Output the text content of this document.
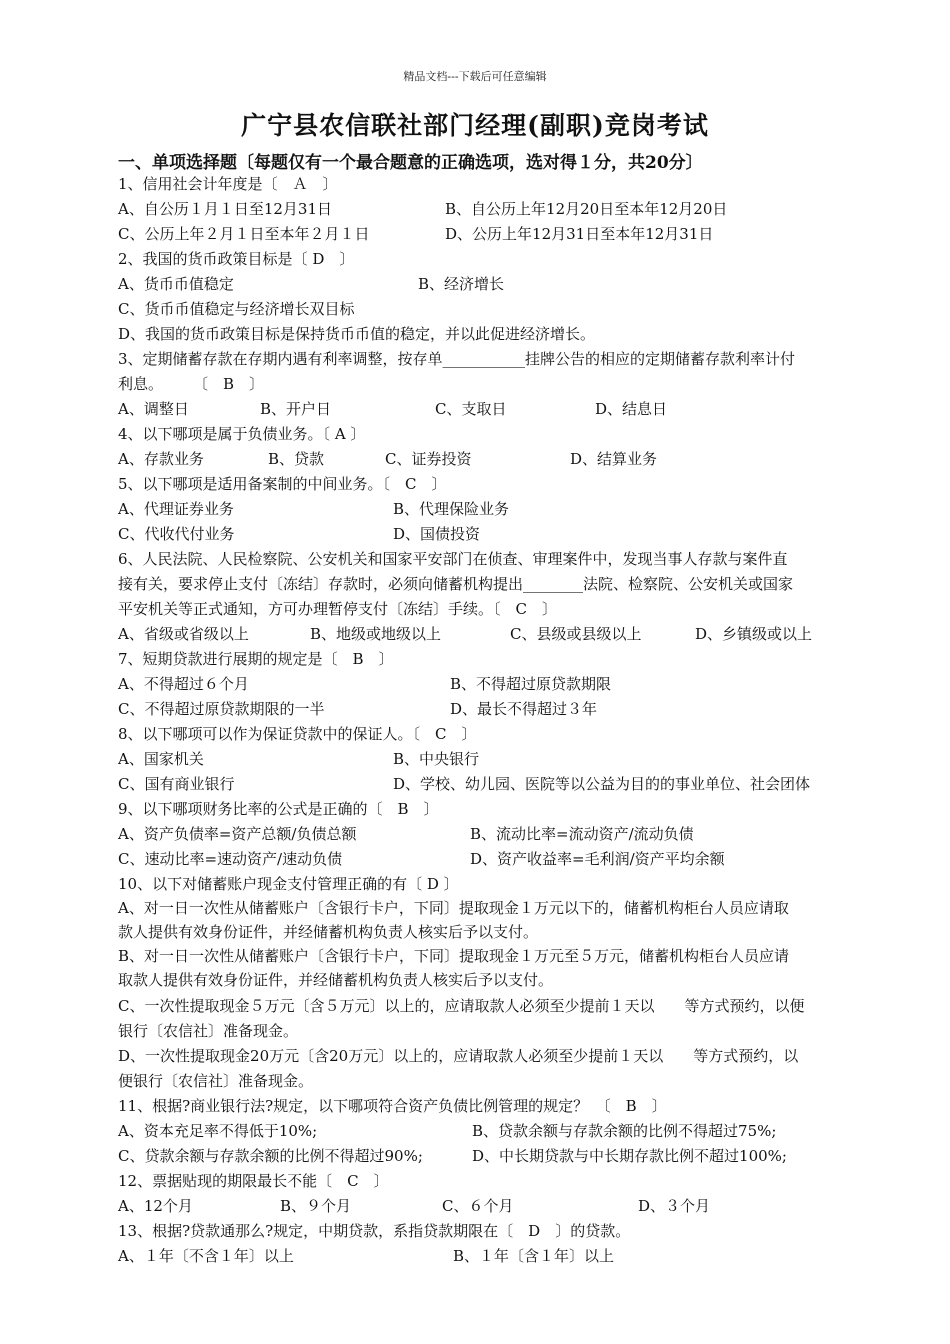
精品文档---下载后可任意编辑
广宁县农信联社部门经理(副职)竞岗考试
一、单项选择题〔每题仅有一个最合题意的正确选项，选对得１分，共20分〕
1、信用社会计年度是〔　Ａ　〕
A、自公历１月１日至12月31日	B、自公历上年12月20日至本年12月20日
C、公历上年２月１日至本年２月１日	D、公历上年12月31日至本年12月31日
2、我国的货币政策目标是〔 D　〕
A、货币币值稳定	B、经济增长
C、货币币值稳定与经济增长双目标
D、我国的货币政策目标是保持货币币值的稳定，并以此促进经济增长。
3、定期储蓄存款在存期内遇有利率调整，按存单___________挂牌公告的相应的定期储蓄存款利率计付
利息。　　　〔　B　〕
A、调整日	B、开户日	C、支取日	D、结息日
4、以下哪项是属于负债业务。〔 A 〕
A、存款业务	B、贷款	C、证券投资	D、结算业务
5、以下哪项是适用备案制的中间业务。〔　C　〕
A、代理证券业务	B、代理保险业务
C、代收代付业务	D、国债投资
6、人民法院、人民检察院、公安机关和国家平安部门在侦查、审理案件中，发现当事人存款与案件直
接有关，要求停止支付〔冻结〕存款时，必须向储蓄机构提出________法院、检察院、公安机关或国家
平安机关等正式通知，方可办理暂停支付〔冻结〕手续。〔　C　〕
A、省级或省级以上	B、地级或地级以上	C、县级或县级以上	D、乡镇级或以上
7、短期贷款进行展期的规定是〔　B　〕
A、不得超过６个月	B、不得超过原贷款期限
C、不得超过原贷款期限的一半	D、最长不得超过３年
8、以下哪项可以作为保证贷款中的保证人。〔　C　〕
A、国家机关	B、中央银行
C、国有商业银行	D、学校、幼儿园、医院等以公益为目的的事业单位、社会团体
9、以下哪项财务比率的公式是正确的〔　B　〕
A、资产负债率=资产总额/负债总额	B、流动比率=流动资产/流动负债
C、速动比率=速动资产/速动负债	D、资产收益率=毛利润/资产平均余额
10、以下对储蓄账户现金支付管理正确的有〔 D 〕
A、对一日一次性从储蓄账户〔含银行卡户，下同〕提取现金１万元以下的，储蓄机构柜台人员应请取
款人提供有效身份证件，并经储蓄机构负责人核实后予以支付。
B、对一日一次性从储蓄账户〔含银行卡户，下同〕提取现金１万元至５万元，储蓄机构柜台人员应请
取款人提供有效身份证件，并经储蓄机构负责人核实后予以支付。
C、一次性提取现金５万元〔含５万元〕以上的，应请取款人必须至少提前１天以　　等方式预约，以便
银行〔农信社〕准备现金。
D、一次性提取现金20万元〔含20万元〕以上的，应请取款人必须至少提前１天以　　等方式预约，以
便银行〔农信社〕准备现金。
11、根据?商业银行法?规定，以下哪项符合资产负债比例管理的规定？　〔　B　〕
A、资本充足率不得低于10%;	B、贷款余额与存款余额的比例不得超过75%;
C、贷款余额与存款余额的比例不得超过90%;	D、中长期贷款与中长期存款比例不超过100%;
12、票据贴现的期限最长不能〔　C　〕
A、12个月	B、９个月	C、６个月	D、３个月
13、根据?贷款通那么?规定，中期贷款，系指贷款期限在〔　D　〕的贷款。
A、１年〔不含１年〕以上	B、１年〔含１年〕以上
